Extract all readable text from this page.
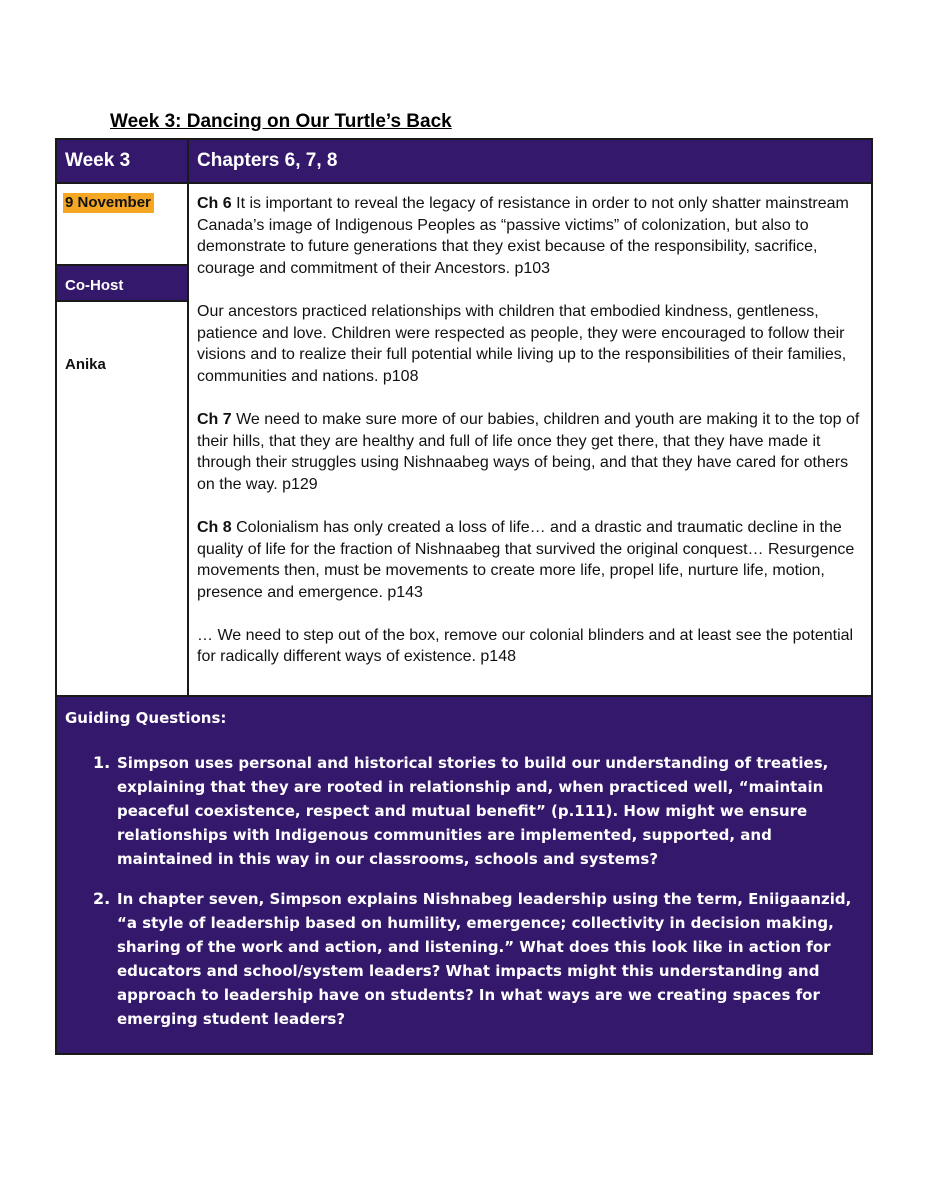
Week 3: Dancing on Our Turtle’s Back
Week 3	Chapters 6, 7, 8
9 November
Co-Host
Anika

Ch 6 It is important to reveal the legacy of resistance in order to not only shatter mainstream Canada’s image of Indigenous Peoples as “passive victims” of colonization, but also to demonstrate to future generations that they exist because of the responsibility, sacrifice, courage and commitment of their Ancestors. p103

Our ancestors practiced relationships with children that embodied kindness, gentleness, patience and love. Children were respected as people, they were encouraged to follow their visions and to realize their full potential while living up to the responsibilities of their families, communities and nations. p108

Ch 7 We need to make sure more of our babies, children and youth are making it to the top of their hills, that they are healthy and full of life once they get there, that they have made it through their struggles using Nishnaabeg ways of being, and that they have cared for others on the way. p129

Ch 8 Colonialism has only created a loss of life… and a drastic and traumatic decline in the quality of life for the fraction of Nishnaabeg that survived the original conquest… Resurgence movements then, must be movements to create more life, propel life, nurture life, motion, presence and emergence. p143

… We need to step out of the box, remove our colonial blinders and at least see the potential for radically different ways of existence. p148

Guiding Questions:
1. Simpson uses personal and historical stories to build our understanding of treaties, explaining that they are rooted in relationship and, when practiced well, “maintain peaceful coexistence, respect and mutual benefit” (p.111). How might we ensure relationships with Indigenous communities are implemented, supported, and maintained in this way in our classrooms, schools and systems?
2. In chapter seven, Simpson explains Nishnabeg leadership using the term, Eniigaanzid, “a style of leadership based on humility, emergence; collectivity in decision making, sharing of the work and action, and listening.” What does this look like in action for educators and school/system leaders? What impacts might this understanding and approach to leadership have on students? In what ways are we creating spaces for emerging student leaders?
